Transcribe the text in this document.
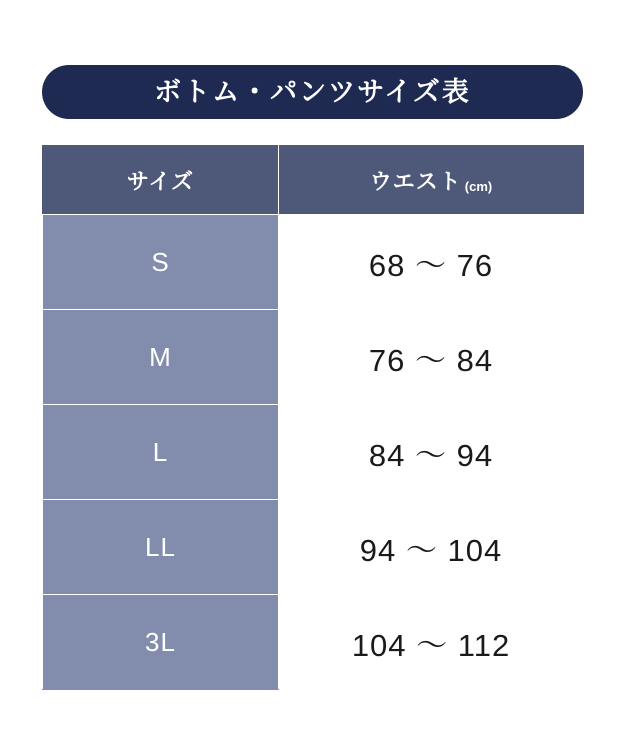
ボトム・パンツサイズ表
サイズ	ウエスト (cm)
S	68 〜 76
M	76 〜 84
L	84 〜 94
LL	94 〜 104
3L	104 〜 112
